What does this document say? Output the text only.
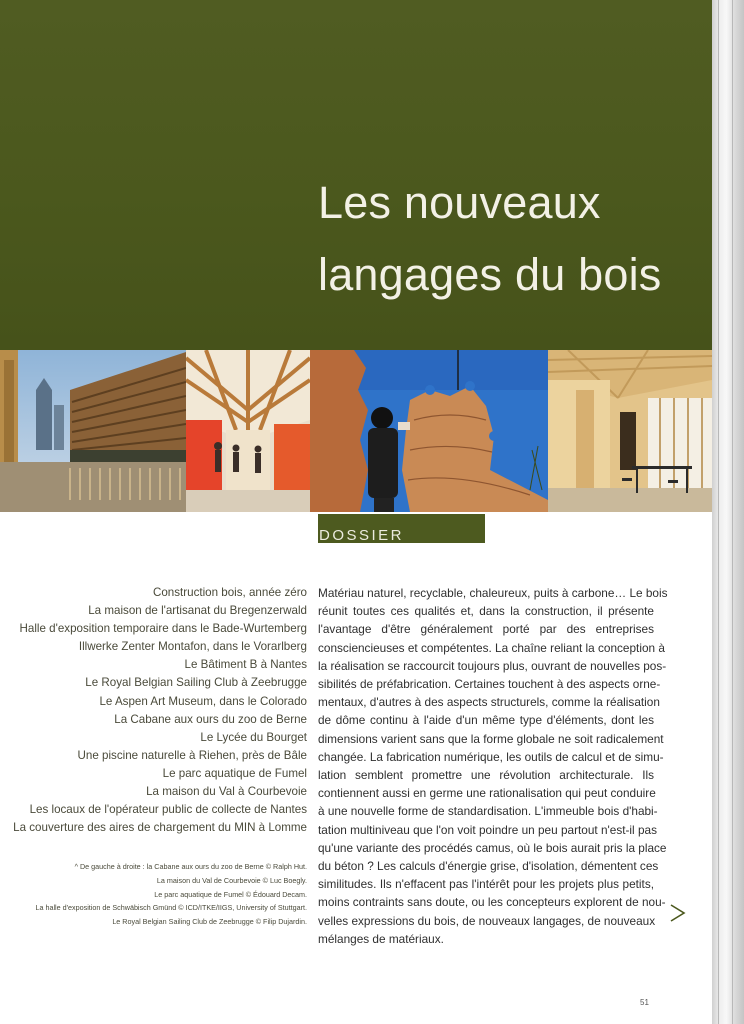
Les nouveaux
langages du bois
DOSSIER
Construction bois, année zéro
La maison de l'artisanat du Bregenzerwald
Halle d'exposition temporaire dans le Bade-Wurtemberg
Illwerke Zenter Montafon, dans le Vorarlberg
Le Bâtiment B à Nantes
Le Royal Belgian Sailing Club à Zeebrugge
Le Aspen Art Museum, dans le Colorado
La Cabane aux ours du zoo de Berne
Le Lycée du Bourget
Une piscine naturelle à Riehen, près de Bâle
Le parc aquatique de Fumel
La maison du Val à Courbevoie
Les locaux de l'opérateur public de collecte de Nantes
La couverture des aires de chargement du MIN à Lomme
^ De gauche à droite : la Cabane aux ours du zoo de Berne © Ralph Hut.
La maison du Val de Courbevoie © Luc Boegly.
Le parc aquatique de Fumel © Édouard Decam.
La halle d'exposition de Schwäbisch Gmünd © ICD/ITKE/IIGS, University of Stuttgart.
Le Royal Belgian Sailing Club de Zeebrugge © Filip Dujardin.
Matériau naturel, recyclable, chaleureux, puits à carbone… Le bois
réunit toutes ces qualités et, dans la construction, il présente
l'avantage d'être généralement porté par des entreprises
consciencieuses et compétentes. La chaîne reliant la conception à
la réalisation se raccourcit toujours plus, ouvrant de nouvelles pos-
sibilités de préfabrication. Certaines touchent à des aspects orne-
mentaux, d'autres à des aspects structurels, comme la réalisation
de dôme continu à l'aide d'un même type d'éléments, dont les
dimensions varient sans que la forme globale ne soit radicalement
changée. La fabrication numérique, les outils de calcul et de simu-
lation semblent promettre une révolution architecturale. Ils
contiennent aussi en germe une rationalisation qui peut conduire
à une nouvelle forme de standardisation. L'immeuble bois d'habi-
tation multiniveau que l'on voit poindre un peu partout n'est-il pas
qu'une variante des procédés camus, où le bois aurait pris la place
du béton ? Les calculs d'énergie grise, d'isolation, démentent ces
similitudes. Ils n'effacent pas l'intérêt pour les projets plus petits,
moins contraints sans doute, ou les concepteurs explorent de nou-
velles expressions du bois, de nouveaux langages, de nouveaux
mélanges de matériaux.
51
